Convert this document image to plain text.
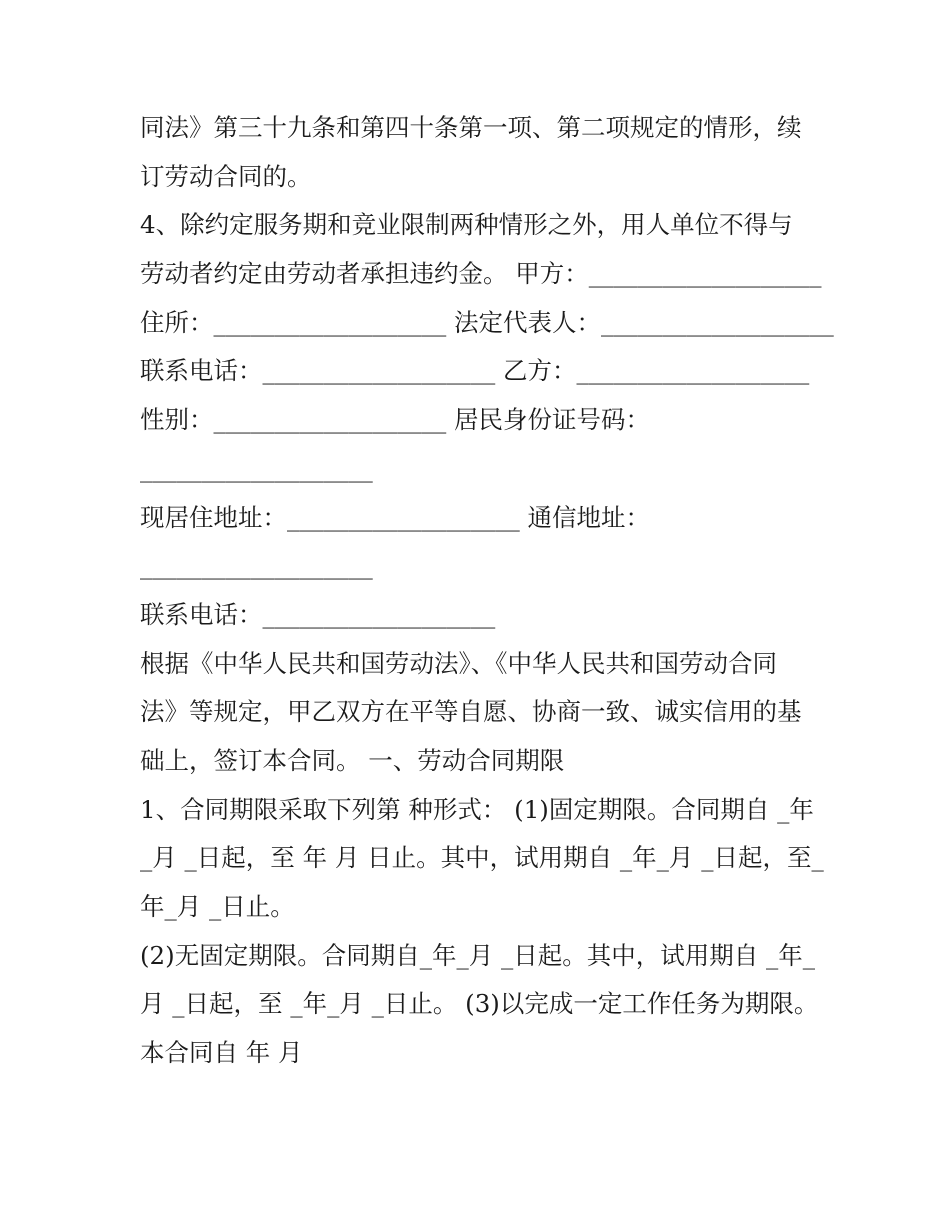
同法》第三十九条和第四十条第一项、第二项规定的情形，续
订劳动合同的。
4、除约定服务期和竞业限制两种情形之外，用人单位不得与
劳动者约定由劳动者承担违约金。 甲方：___________________
住所：___________________ 法定代表人：___________________
联系电话：___________________ 乙方：___________________
性别：___________________ 居民身份证号码：
___________________
现居住地址：___________________ 通信地址：
___________________
联系电话：___________________
根据《中华人民共和国劳动法》、《中华人民共和国劳动合同
法》等规定，甲乙双方在平等自愿、协商一致、诚实信用的基
础上，签订本合同。 一、劳动合同期限
1、合同期限采取下列第 种形式： (1)固定期限。合同期自 _年
_月 _日起，至 年 月 日止。其中，试用期自 _年_月 _日起，至_
年_月 _日止。
(2)无固定期限。合同期自_年_月 _日起。其中，试用期自 _年_
月 _日起，至 _年_月 _日止。 (3)以完成一定工作任务为期限。
本合同自 年 月
